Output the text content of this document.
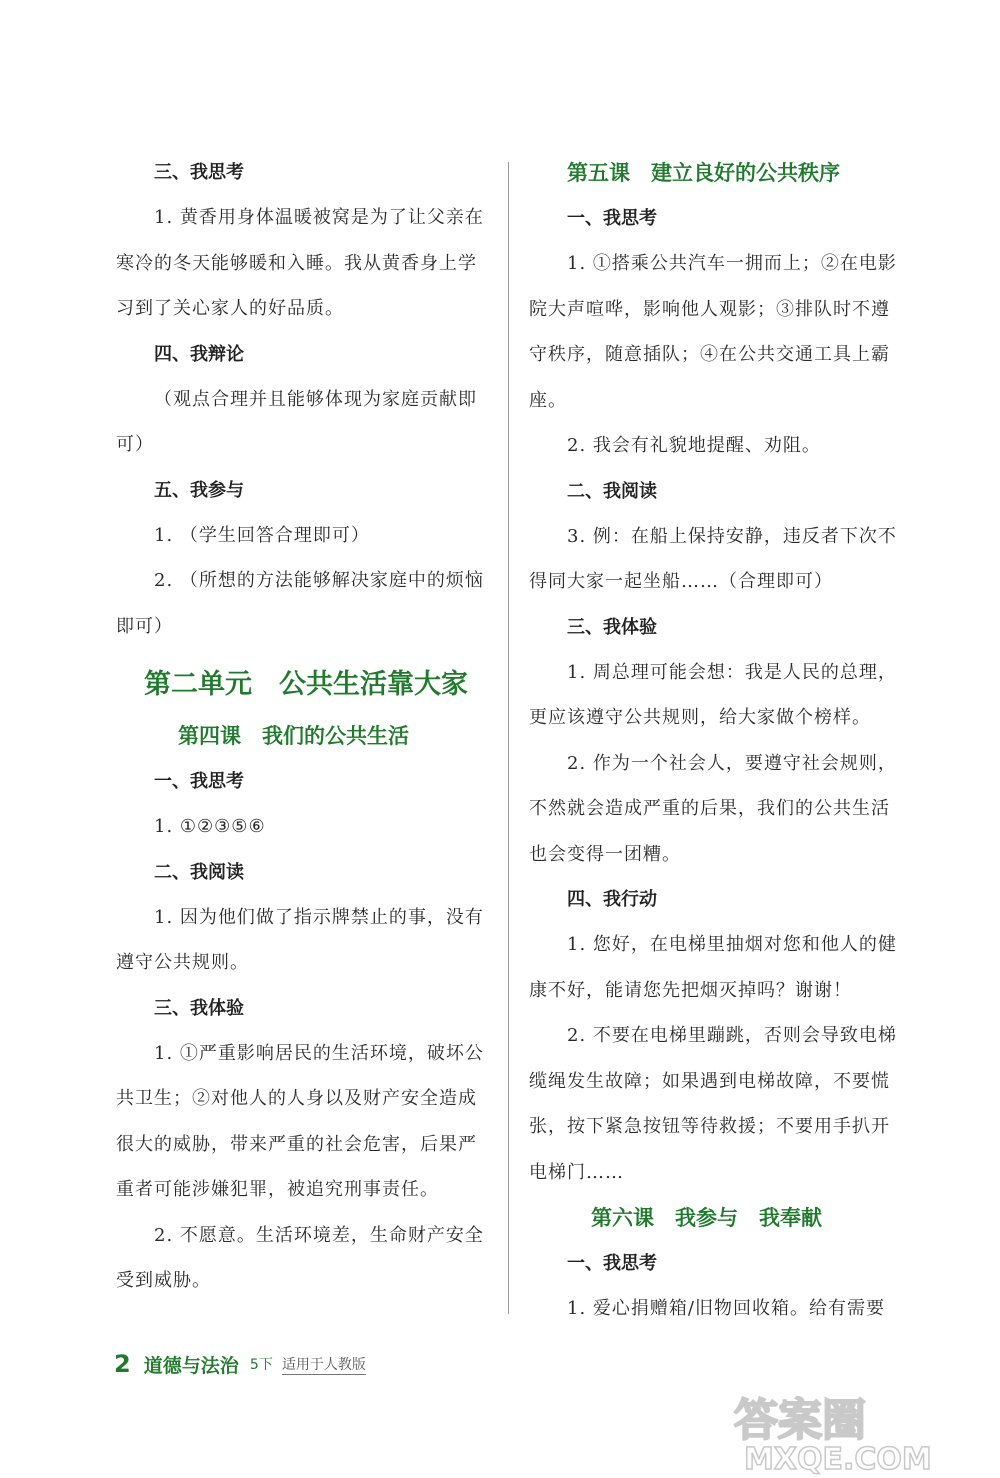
三、我思考

1. 黄香用身体温暖被窝是为了让父亲在寒冷的冬天能够暖和入睡。我从黄香身上学习到了关心家人的好品质。

四、我辩论

（观点合理并且能够体现为家庭贡献即可）

五、我参与

1. （学生回答合理即可）

2. （所想的方法能够解决家庭中的烦恼即可）

第二单元　公共生活靠大家
第四课　我们的公共生活
一、我思考

1. ①②③⑤⑥

二、我阅读

1. 因为他们做了指示牌禁止的事，没有遵守公共规则。

三、我体验

1. ①严重影响居民的生活环境，破坏公共卫生；②对他人的人身以及财产安全造成很大的威胁，带来严重的社会危害，后果严重者可能涉嫌犯罪，被追究刑事责任。

2. 不愿意。生活环境差，生命财产安全受到威胁。

第五课　建立良好的公共秩序
一、我思考

1. ①搭乘公共汽车一拥而上；②在电影院大声喧哗，影响他人观影；③排队时不遵守秩序，随意插队；④在公共交通工具上霸座。

2. 我会有礼貌地提醒、劝阻。

二、我阅读

3. 例：在船上保持安静，违反者下次不得同大家一起坐船……（合理即可）

三、我体验

1. 周总理可能会想：我是人民的总理，更应该遵守公共规则，给大家做个榜样。

2. 作为一个社会人，要遵守社会规则，不然就会造成严重的后果，我们的公共生活也会变得一团糟。

四、我行动

1. 您好，在电梯里抽烟对您和他人的健康不好，能请您先把烟灭掉吗？谢谢！

2. 不要在电梯里蹦跳，否则会导致电梯缆绳发生故障；如果遇到电梯故障，不要慌张，按下紧急按钮等待救援；不要用手扒开电梯门……

第六课　我参与　我奉献
一、我思考

1. 爱心捐赠箱/旧物回收箱。给有需要

2 道德与法治 5下 适用于人教版
答案圈
MXQE.COM
